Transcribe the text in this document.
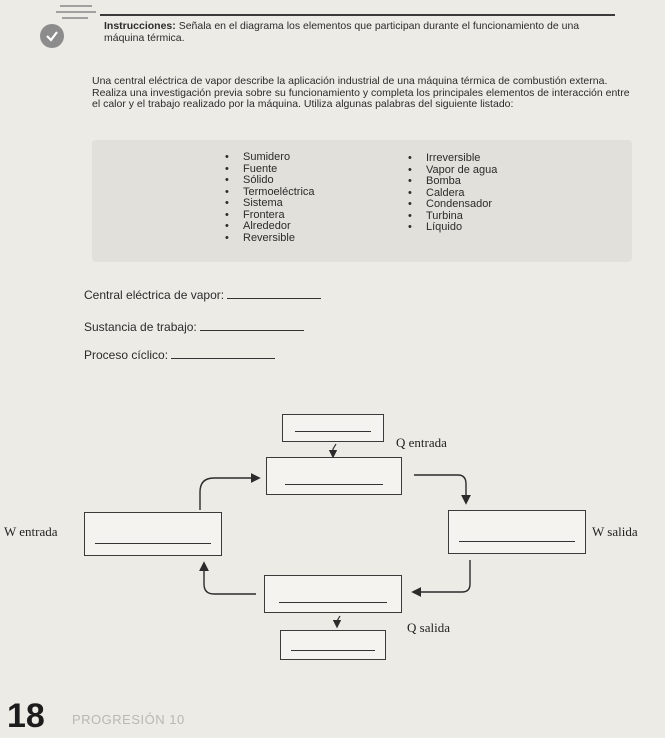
Instrucciones: Señala en el diagrama los elementos que participan durante el funcionamiento de una máquina térmica.
Una central eléctrica de vapor describe la aplicación industrial de una máquina térmica de combustión externa. Realiza una investigación previa sobre su funcionamiento y completa los principales elementos de interacción entre el calor y el trabajo realizado por la máquina. Utiliza algunas palabras del siguiente listado:
• Sumidero
• Fuente
• Sólido
• Termoeléctrica
• Sistema
• Frontera
• Alrededor
• Reversible
• Irreversible
• Vapor de agua
• Bomba
• Caldera
• Condensador
• Turbina
• Líquido
Central eléctrica de vapor:
Sustancia de trabajo:
Proceso cíclico:
Q entrada
W entrada	W salida
Q salida
18 PROGRESIÓN 10
